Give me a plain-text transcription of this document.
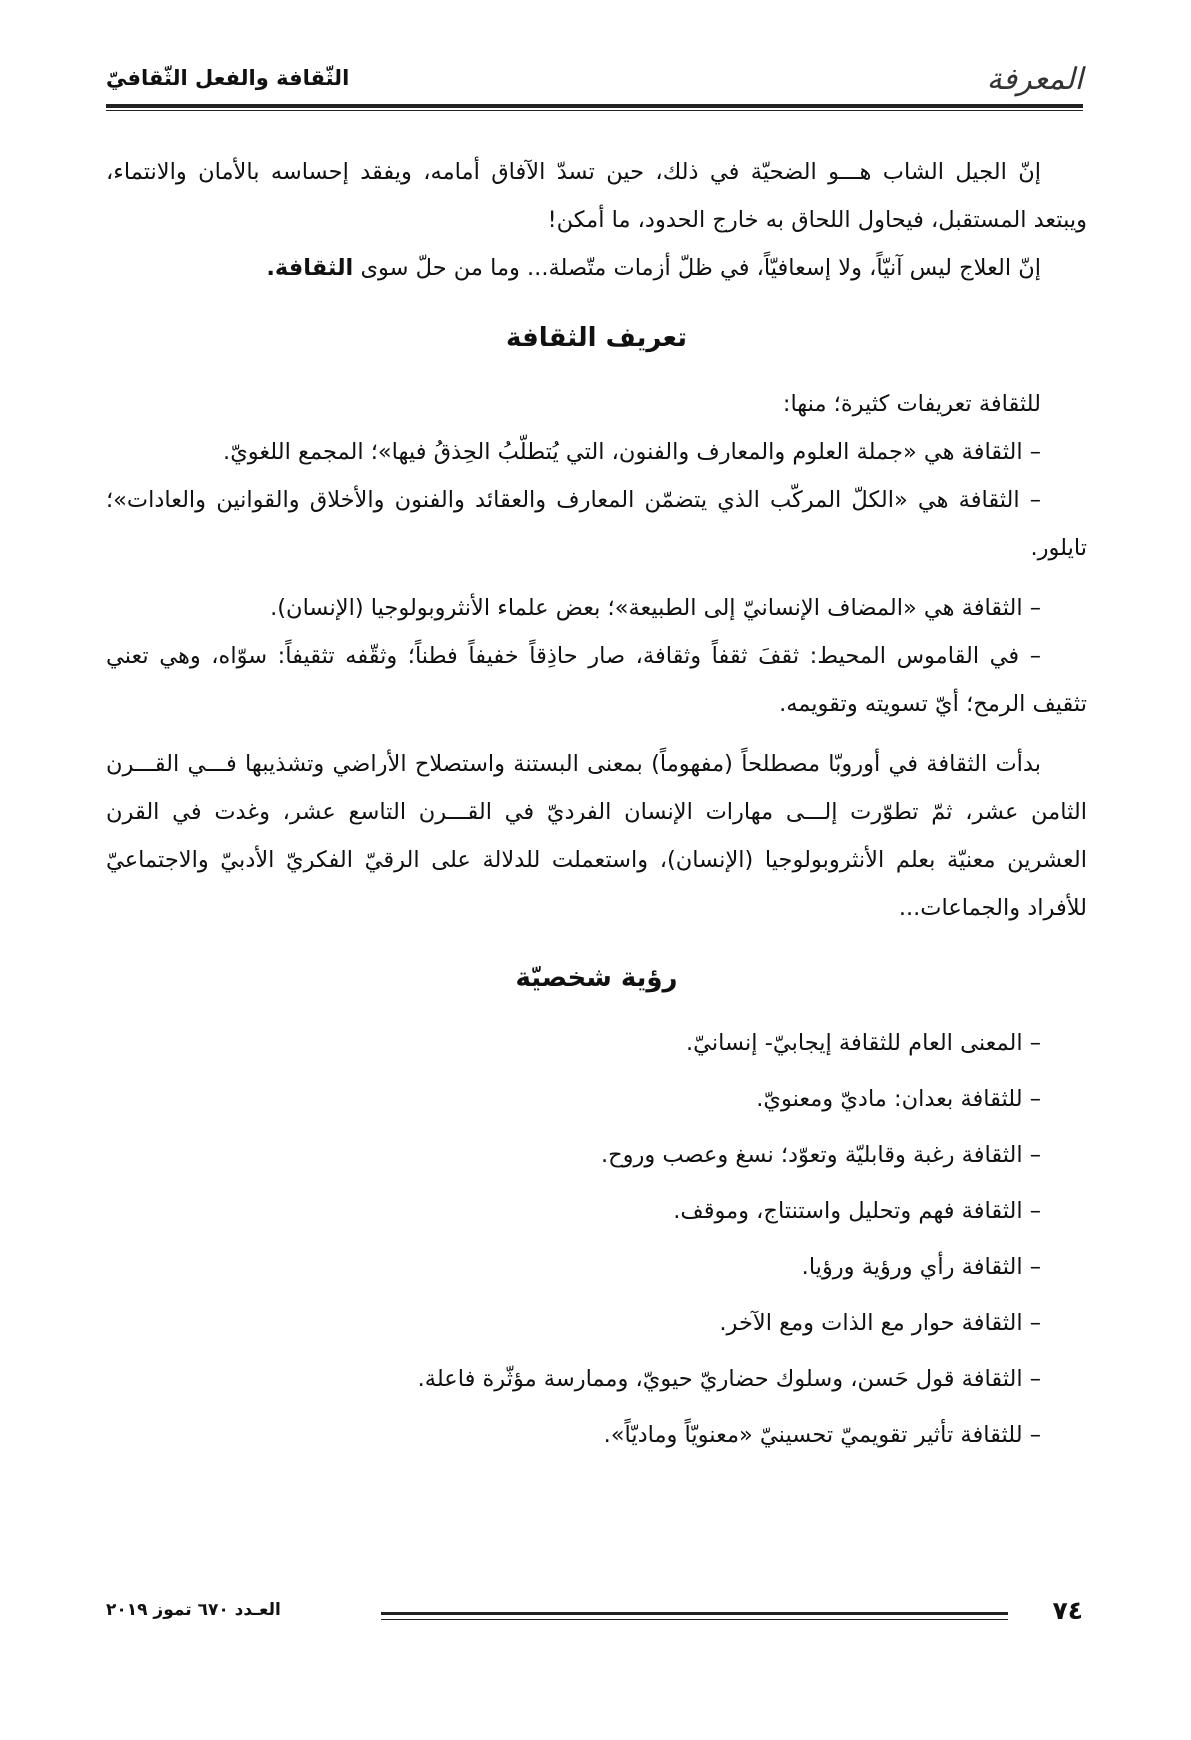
المعرفة
الثّقافة والفعل الثّقافيّ

إنّ الجيل الشاب هـــو الضحيّة في ذلك، حين تسدّ الآفاق أمامه، ويفقد إحساسه بالأمان والانتماء، ويبتعد المستقبل، فيحاول اللحاق به خارج الحدود، ما أمكن!

إنّ العلاج ليس آنيّاً، ولا إسعافيّاً، في ظلّ أزمات متّصلة... وما من حلّ سوى الثقافة.

تعريف الثقافة

للثقافة تعريفات كثيرة؛ منها:

– الثقافة هي «جملة العلوم والمعارف والفنون، التي يُتطلّبُ الحِذقُ فيها»؛ المجمع اللغويّ.

– الثقافة هي «الكلّ المركّب الذي يتضمّن المعارف والعقائد والفنون والأخلاق والقوانين والعادات»؛ تايلور.

– الثقافة هي «المضاف الإنسانيّ إلى الطبيعة»؛ بعض علماء الأنثروبولوجيا (الإنسان).

– في القاموس المحيط: ثقفَ ثقفاً وثقافة، صار حاذِقاً خفيفاً فطناً؛ وثقّفه تثقيفاً: سوّاه، وهي تعني تثقيف الرمح؛ أيّ تسويته وتقويمه.

بدأت الثقافة في أوروبّا مصطلحاً (مفهوماً) بمعنى البستنة واستصلاح الأراضي وتشذيبها فـــي القـــرن الثامن عشر، ثمّ تطوّرت إلـــى مهارات الإنسان الفرديّ في القـــرن التاسع عشر، وغدت في القرن العشرين معنيّة بعلم الأنثروبولوجيا (الإنسان)، واستعملت للدلالة على الرقيّ الفكريّ الأدبيّ والاجتماعيّ للأفراد والجماعات...

رؤية شخصيّة
– المعنى العام للثقافة إيجابيّ- إنسانيّ.
– للثقافة بعدان: ماديّ ومعنويّ.
– الثقافة رغبة وقابليّة وتعوّد؛ نسغ وعصب وروح.
– الثقافة فهم وتحليل واستنتاج، وموقف.
– الثقافة رأي ورؤية ورؤيا.
– الثقافة حوار مع الذات ومع الآخر.
– الثقافة قول حَسن، وسلوك حضاريّ حيويّ، وممارسة مؤثّرة فاعلة.
– للثقافة تأثير تقويميّ تحسينيّ «معنويّاً وماديّاً».
٧٤
العـدد ٦٧٠ تموز ٢٠١٩
